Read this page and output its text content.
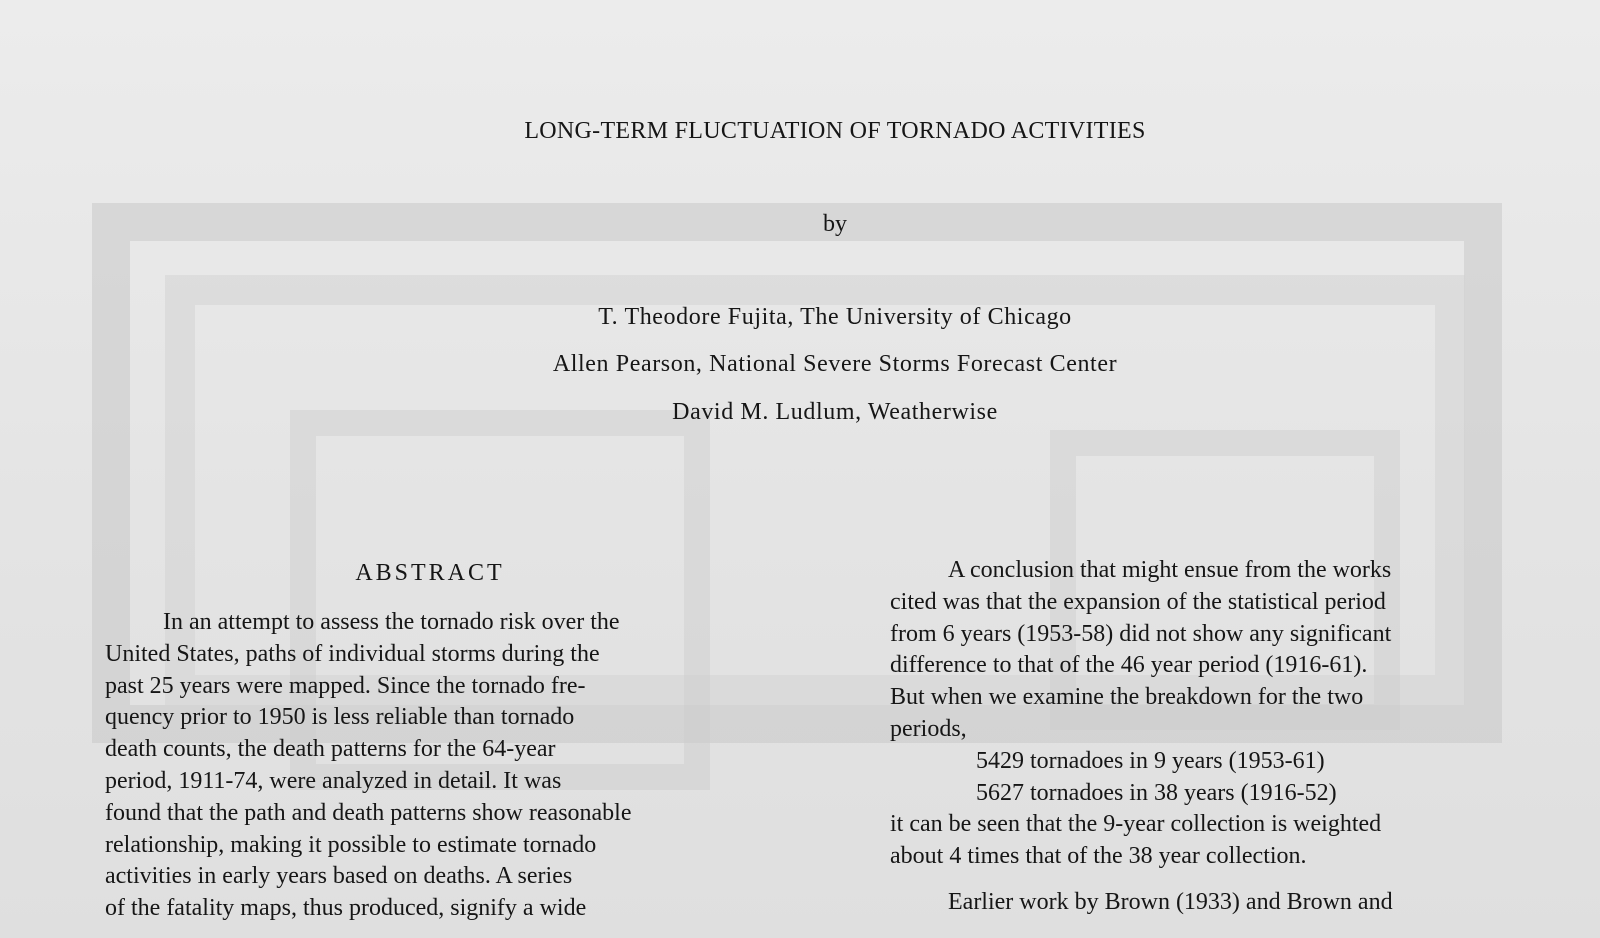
LONG-TERM FLUCTUATION OF TORNADO ACTIVITIES
by
T. Theodore Fujita, The University of Chicago
Allen Pearson, National Severe Storms Forecast Center
David M. Ludlum, Weatherwise
ABSTRACT
In an attempt to assess the tornado risk over the
United States, paths of individual storms during the
past 25 years were mapped. Since the tornado fre-
quency prior to 1950 is less reliable than tornado
death counts, the death patterns for the 64-year
period, 1911-74, were analyzed in detail. It was
found that the path and death patterns show reasonable
relationship, making it possible to estimate tornado
activities in early years based on deaths. A series
of the fatality maps, thus produced, signify a wide
A conclusion that might ensue from the works
cited was that the expansion of the statistical period
from 6 years (1953-58) did not show any significant
difference to that of the 46 year period (1916-61).
But when we examine the breakdown for the two
periods,
5429 tornadoes in 9 years (1953-61)
5627 tornadoes in 38 years (1916-52)
it can be seen that the 9-year collection is weighted
about 4 times that of the 38 year collection.
Earlier work by Brown (1933) and Brown and
